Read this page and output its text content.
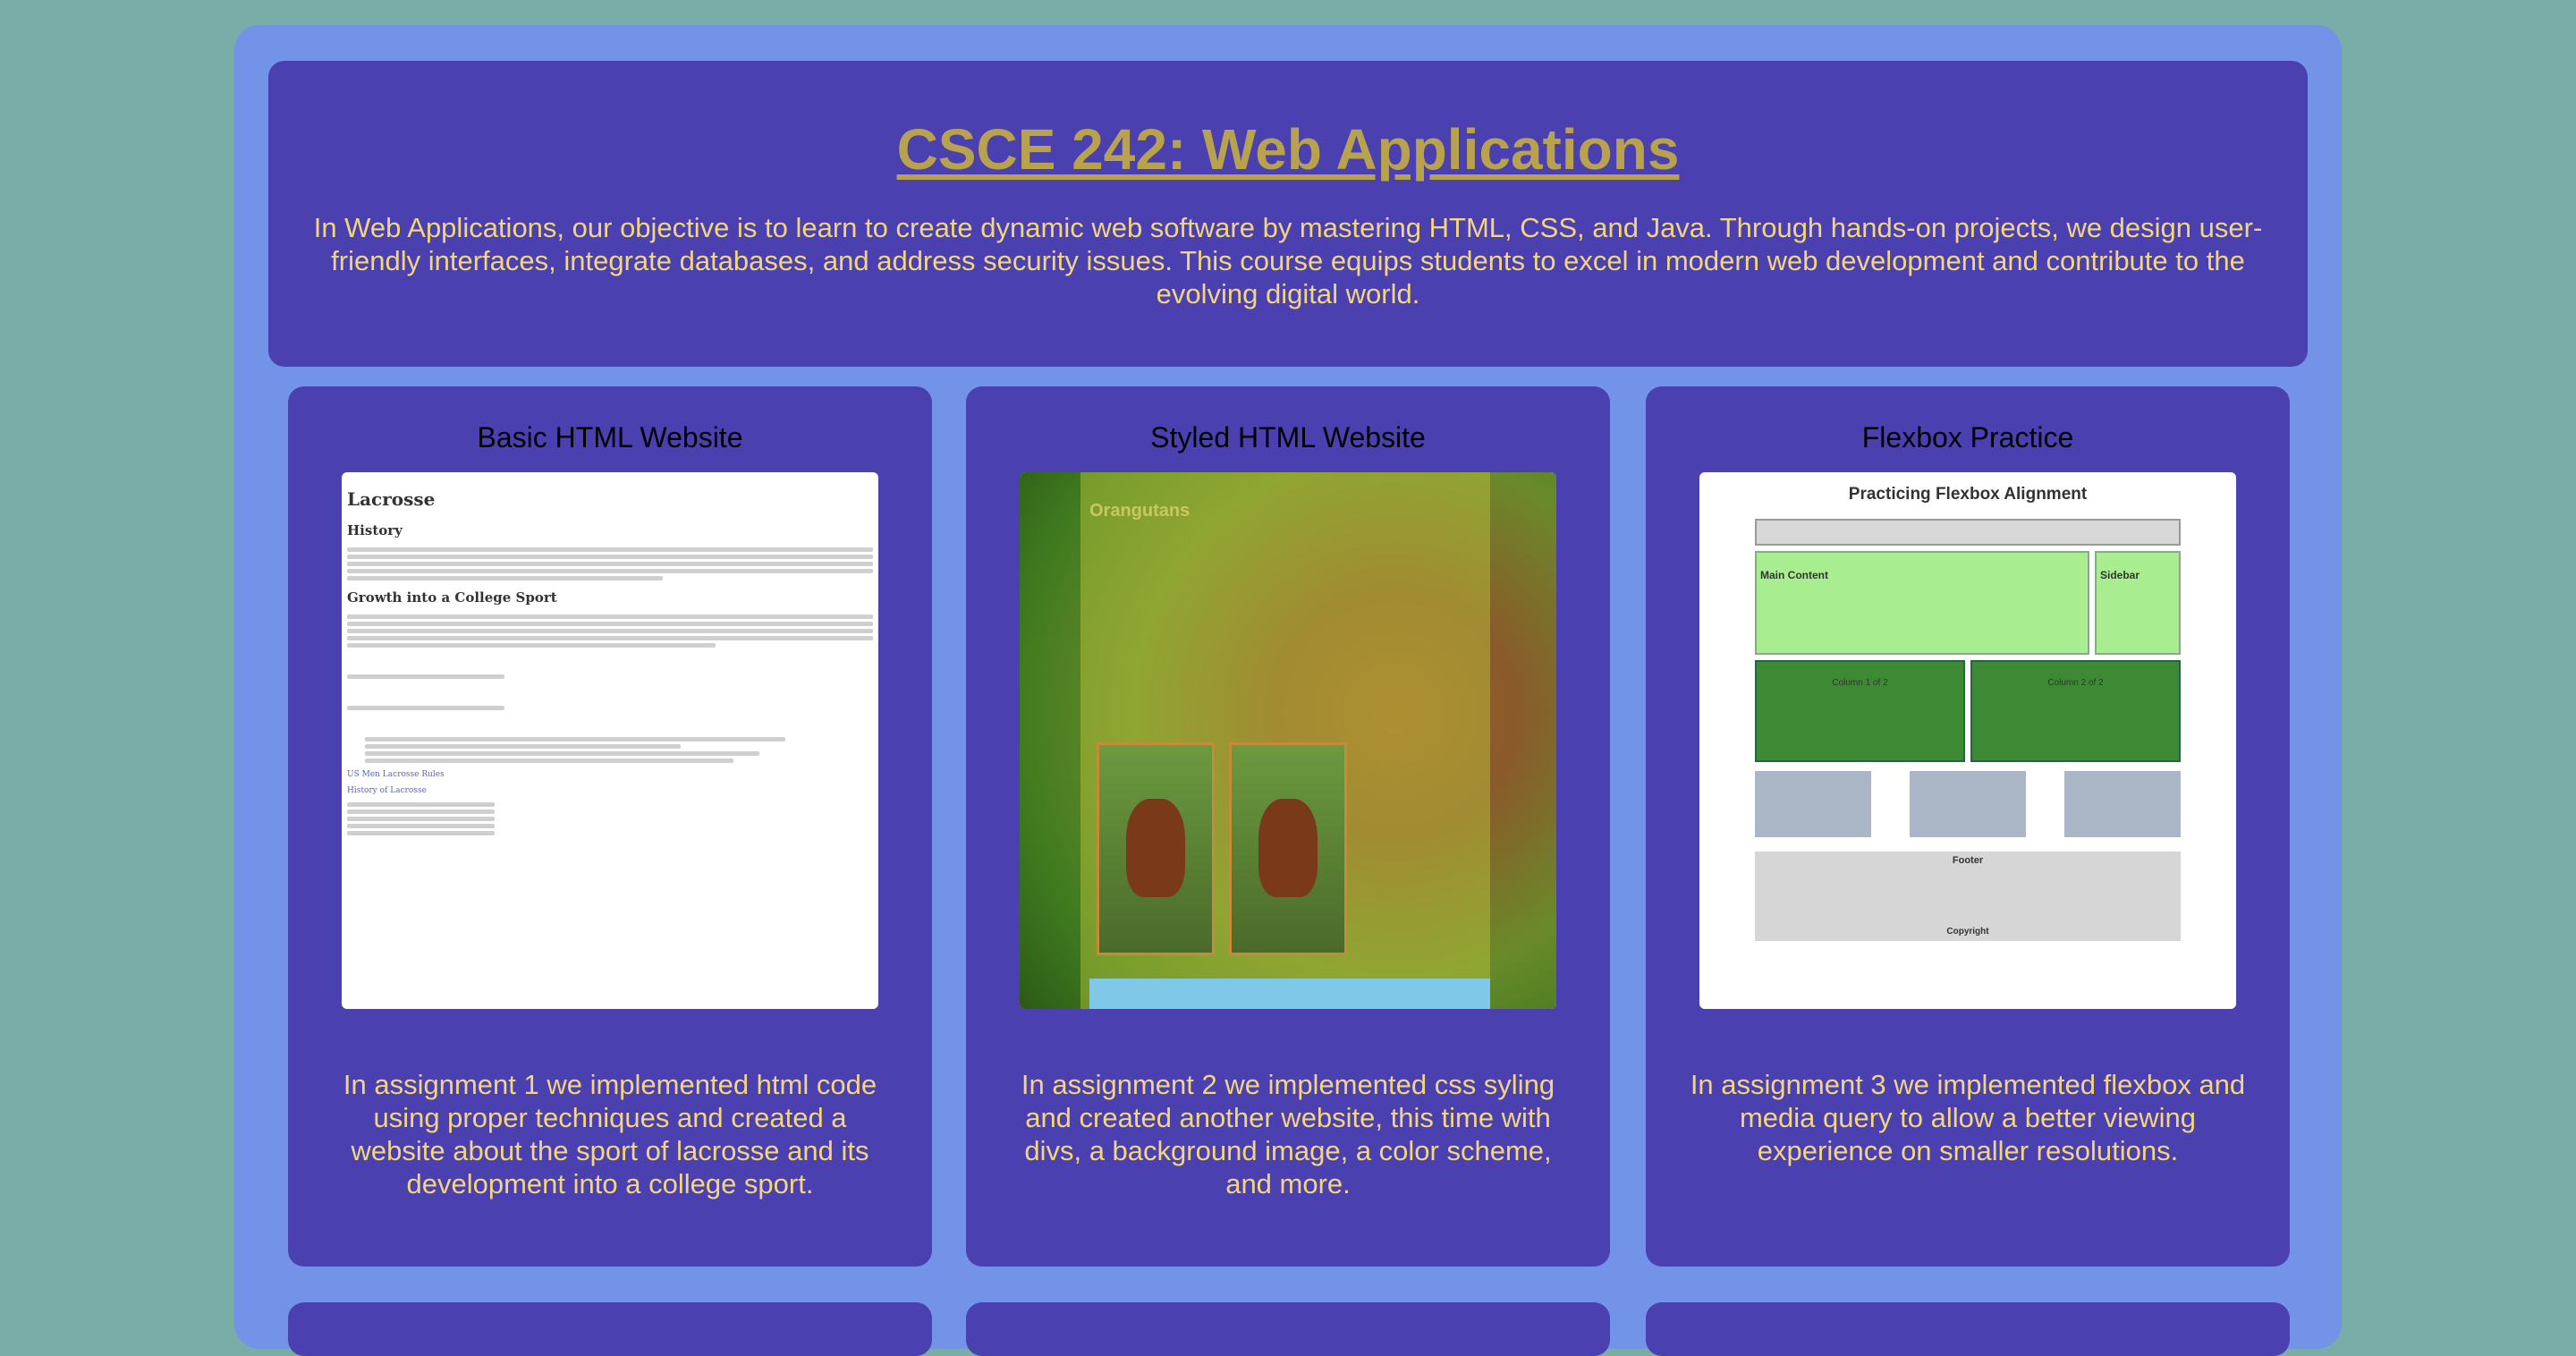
CSCE 242: Web Applications
In Web Applications, our objective is to learn to create dynamic web software by mastering HTML, CSS, and Java. Through hands-on projects, we design user-friendly interfaces, integrate databases, and address security issues. This course equips students to excel in modern web development and contribute to the evolving digital world.
Basic HTML Website
Lacrosse
History
Growth into a College Sport

US Men Lacrosse Rules
History of Lacrosse

In assignment 1 we implemented html code using proper techniques and created a website about the sport of lacrosse and its development into a college sport.

Styled HTML Website
Orangutans

In assignment 2 we implemented css syling and created another website, this time with divs, a background image, a color scheme, and more.

Flexbox Practice
Practicing Flexbox Alignment
Main Content	Sidebar
Column 1 of 2	Column 2 of 2
Footer
Copyright

In assignment 3 we implemented flexbox and media query to allow a better viewing experience on smaller resolutions.
